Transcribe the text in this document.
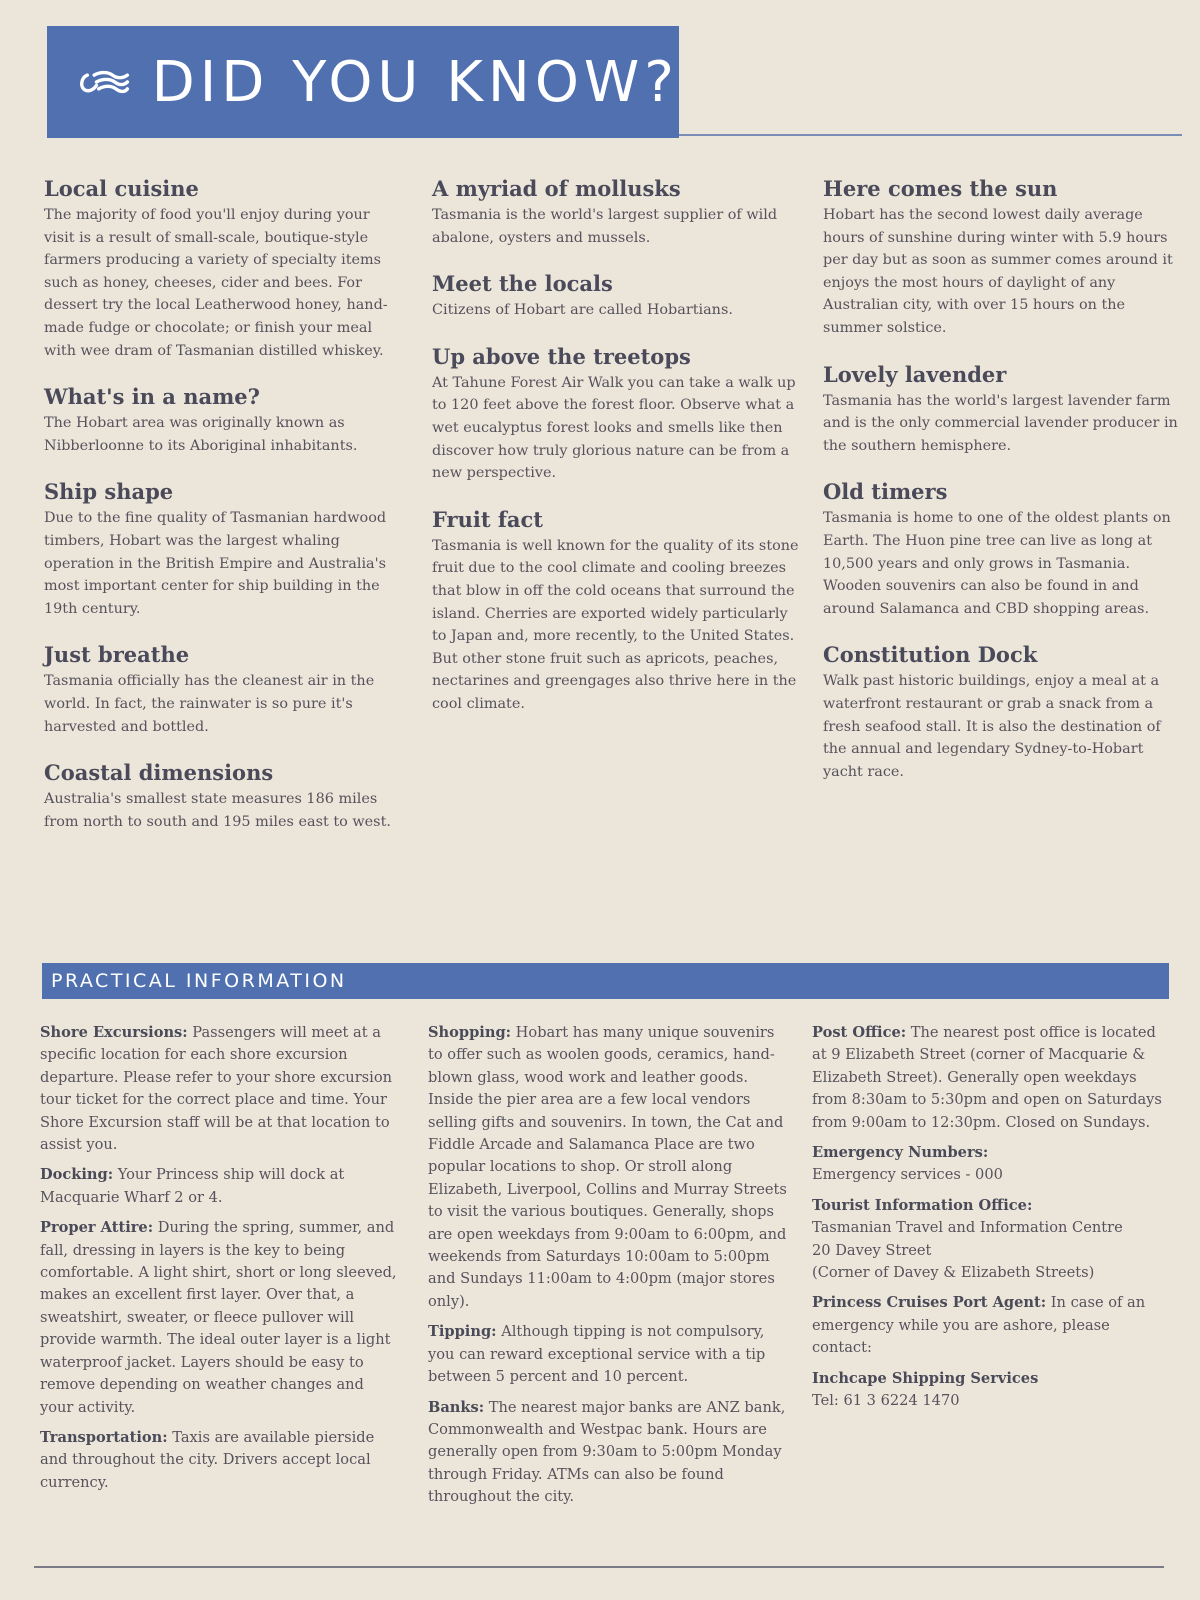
DID YOU KNOW?
Local cuisine

The majority of food you'll enjoy during your visit is a result of small-scale, boutique-style farmers producing a variety of specialty items such as honey, cheeses, cider and bees. For dessert try the local Leatherwood honey, hand-made fudge or chocolate; or finish your meal with wee dram of Tasmanian distilled whiskey.

What's in a name?

The Hobart area was originally known as Nibberloonne to its Aboriginal inhabitants.

Ship shape

Due to the fine quality of Tasmanian hardwood timbers, Hobart was the largest whaling operation in the British Empire and Australia's most important center for ship building in the 19th century.

Just breathe

Tasmania officially has the cleanest air in the world. In fact, the rainwater is so pure it's harvested and bottled.

Coastal dimensions

Australia's smallest state measures 186 miles from north to south and 195 miles east to west.

A myriad of mollusks

Tasmania is the world's largest supplier of wild abalone, oysters and mussels.

Meet the locals

Citizens of Hobart are called Hobartians.

Up above the treetops

At Tahune Forest Air Walk you can take a walk up to 120 feet above the forest floor. Observe what a wet eucalyptus forest looks and smells like then discover how truly glorious nature can be from a new perspective.

Fruit fact

Tasmania is well known for the quality of its stone fruit due to the cool climate and cooling breezes that blow in off the cold oceans that surround the island. Cherries are exported widely particularly to Japan and, more recently, to the United States. But other stone fruit such as apricots, peaches, nectarines and greengages also thrive here in the cool climate.

Here comes the sun

Hobart has the second lowest daily average hours of sunshine during winter with 5.9 hours per day but as soon as summer comes around it enjoys the most hours of daylight of any Australian city, with over 15 hours on the summer solstice.

Lovely lavender

Tasmania has the world's largest lavender farm and is the only commercial lavender producer in the southern hemisphere.

Old timers

Tasmania is home to one of the oldest plants on Earth. The Huon pine tree can live as long at 10,500 years and only grows in Tasmania. Wooden souvenirs can also be found in and around Salamanca and CBD shopping areas.

Constitution Dock

Walk past historic buildings, enjoy a meal at a waterfront restaurant or grab a snack from a fresh seafood stall. It is also the destination of the annual and legendary Sydney-to-Hobart yacht race.

PRACTICAL INFORMATION

Shore Excursions: Passengers will meet at a specific location for each shore excursion departure. Please refer to your shore excursion tour ticket for the correct place and time. Your Shore Excursion staff will be at that location to assist you.

Docking: Your Princess ship will dock at Macquarie Wharf 2 or 4.

Proper Attire: During the spring, summer, and fall, dressing in layers is the key to being comfortable. A light shirt, short or long sleeved, makes an excellent first layer. Over that, a sweatshirt, sweater, or fleece pullover will provide warmth. The ideal outer layer is a light waterproof jacket. Layers should be easy to remove depending on weather changes and your activity.

Transportation: Taxis are available pierside and throughout the city. Drivers accept local currency.

Shopping: Hobart has many unique souvenirs to offer such as woolen goods, ceramics, hand-blown glass, wood work and leather goods. Inside the pier area are a few local vendors selling gifts and souvenirs. In town, the Cat and Fiddle Arcade and Salamanca Place are two popular locations to shop. Or stroll along Elizabeth, Liverpool, Collins and Murray Streets to visit the various boutiques. Generally, shops are open weekdays from 9:00am to 6:00pm, and weekends from Saturdays 10:00am to 5:00pm and Sundays 11:00am to 4:00pm (major stores only).

Tipping: Although tipping is not compulsory, you can reward exceptional service with a tip between 5 percent and 10 percent.

Banks: The nearest major banks are ANZ bank, Commonwealth and Westpac bank. Hours are generally open from 9:30am to 5:00pm Monday through Friday. ATMs can also be found throughout the city.

Post Office: The nearest post office is located at 9 Elizabeth Street (corner of Macquarie & Elizabeth Street). Generally open weekdays from 8:30am to 5:30pm and open on Saturdays from 9:00am to 12:30pm. Closed on Sundays.

Emergency Numbers:
Emergency services - 000

Tourist Information Office:
Tasmanian Travel and Information Centre
20 Davey Street
(Corner of Davey & Elizabeth Streets)

Princess Cruises Port Agent: In case of an emergency while you are ashore, please contact:

Inchcape Shipping Services
Tel: 61 3 6224 1470
